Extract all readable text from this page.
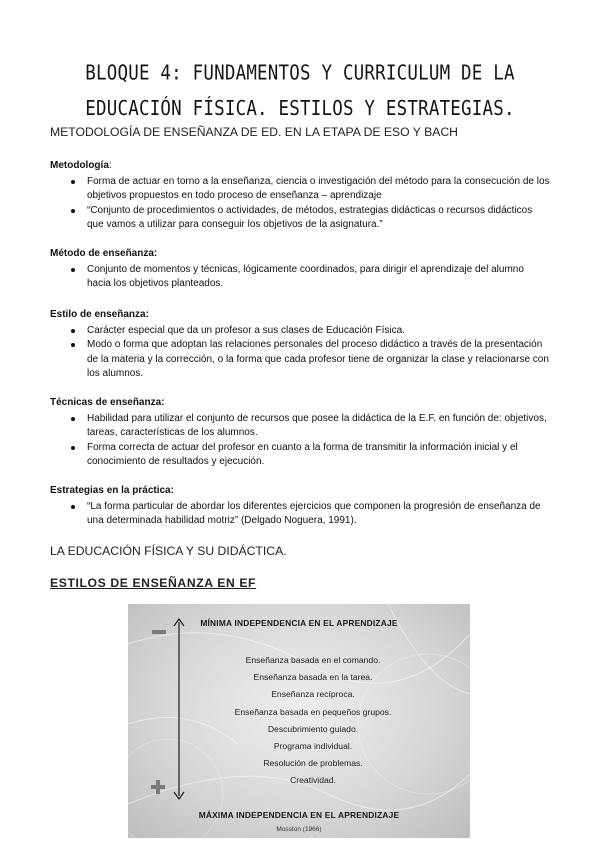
BLOQUE 4: FUNDAMENTOS Y CURRICULUM DE LA EDUCACIÓN FÍSICA. ESTILOS Y ESTRATEGIAS.
METODOLOGÍA DE ENSEÑANZA DE ED. EN LA ETAPA DE ESO Y BACH

Metodología:

Forma de actuar en torno a la enseñanza, ciencia o investigación del método para la consecución de los objetivos propuestos en todo proceso de enseñanza – aprendizaje
“Conjunto de procedimientos o actividades, de métodos, estrategias didácticas o recursos didácticos que vamos a utilizar para conseguir los objetivos de la asignatura.”

Método de enseñanza:

Conjunto de momentos y técnicas, lógicamente coordinados, para dirigir el aprendizaje del alumno hacia los objetivos planteados.

Estilo de enseñanza:

Carácter especial que da un profesor a sus clases de Educación Física.
Modo o forma que adoptan las relaciones personales del proceso didáctico a través de la presentación de la materia y la corrección, o la forma que cada profesor tiene de organizar la clase y relacionarse con los alumnos.

Técnicas de enseñanza:

Habilidad para utilizar el conjunto de recursos que posee la didáctica de la E.F. en función de: objetivos, tareas, características de los alumnos.
Forma correcta de actuar del profesor en cuanto a la forma de transmitir la información inicial y el conocimiento de resultados y ejecución.

Estrategias en la práctica:

“La forma particular de abordar los diferentes ejercicios que componen la progresión de enseñanza de una determinada habilidad motriz” (Delgado Noguera, 1991).
LA EDUCACIÓN FÍSICA Y SU DIDÁCTICA.
ESTILOS DE ENSEÑANZA EN EF
MÍNIMA INDEPENDENCIA EN EL APRENDIZAJE
Enseñanza basada en el comando.
Enseñanza basada en la tarea.
Enseñanza recíproca.
Enseñanza basada en pequeños grupos.
Descubrimiento guiado.
Programa individual.
Resolución de problemas.
Creatividad.
MÁXIMA INDEPENDENCIA EN EL APRENDIZAJE
Mosston (1966)
